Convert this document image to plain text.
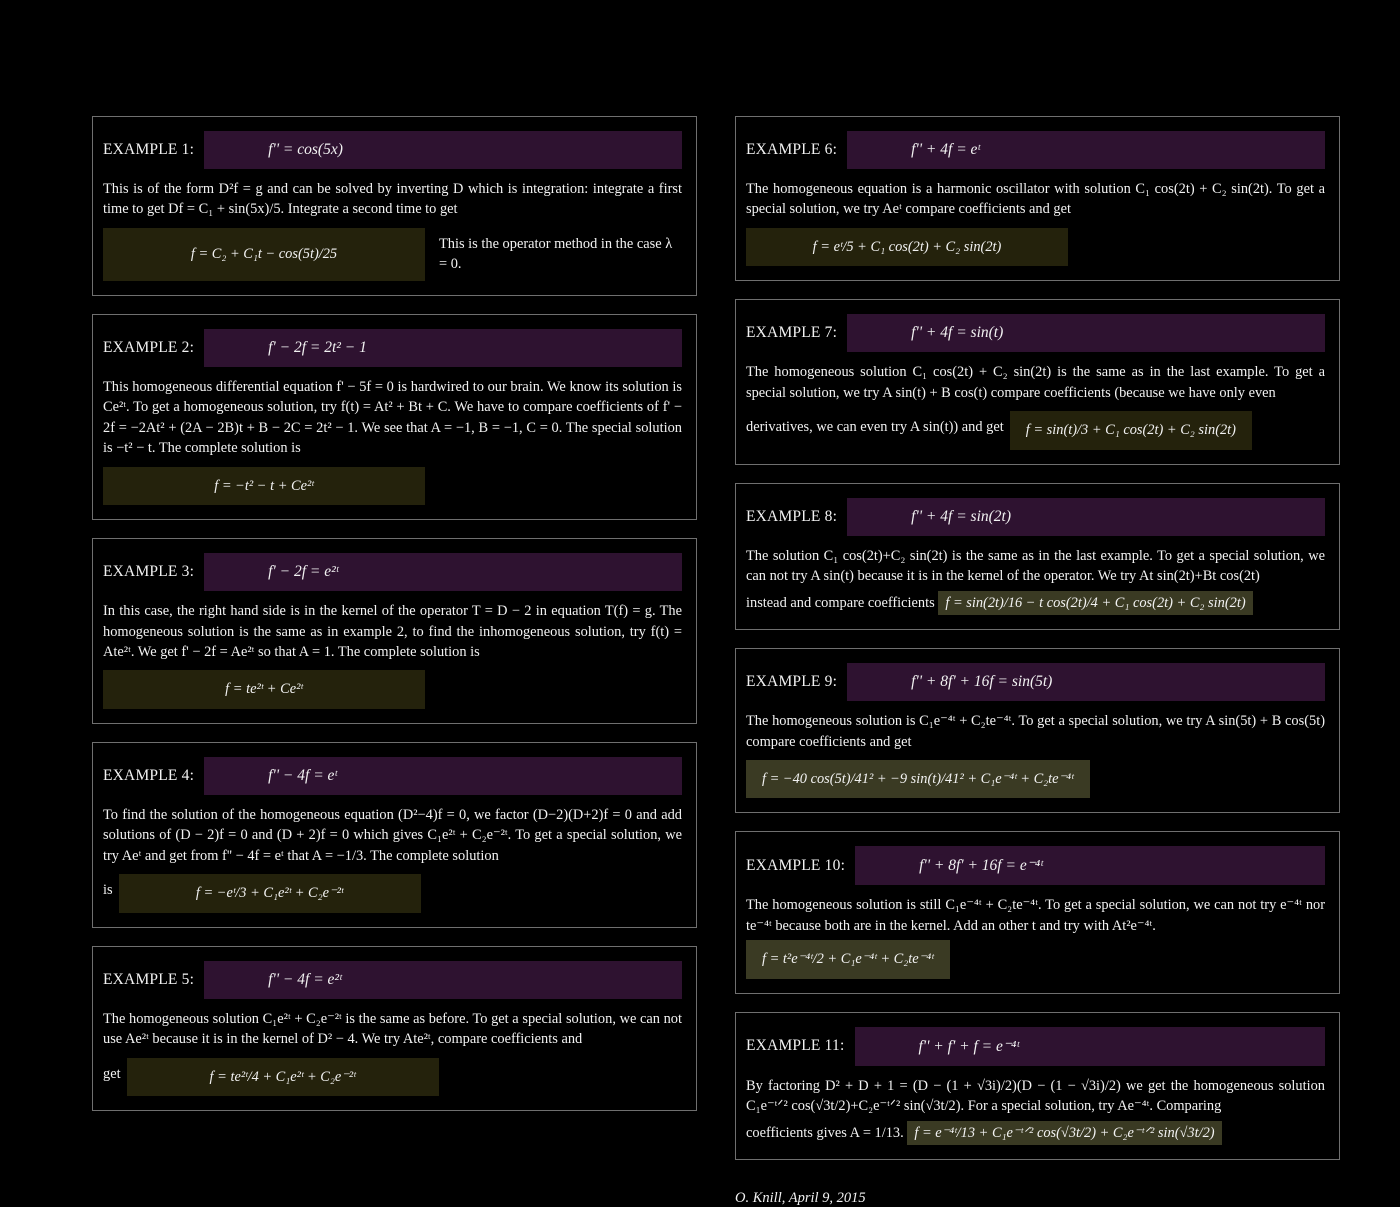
EXAMPLE 1:	f'' = cos(5x)
This is of the form D²f = g and can be solved by inverting D which is integration: integrate a first time to get Df = C₁ + sin(5x)/5. Integrate a second time to get
f = C₂ + C₁t − cos(5t)/25
This is the operator method in the case λ = 0.
EXAMPLE 2:	f' − 2f = 2t² − 1
This homogeneous differential equation f' − 5f = 0 is hardwired to our brain. We know its solution is Ce²ᵗ. To get a homogeneous solution, try f(t) = At² + Bt + C. We have to compare coefficients of f' − 2f = −2At² + (2A − 2B)t + B − 2C = 2t² − 1. We see that A = −1, B = −1, C = 0. The special solution is −t² − t. The complete solution is
f = −t² − t + Ce²ᵗ
EXAMPLE 3:	f' − 2f = e²ᵗ
In this case, the right hand side is in the kernel of the operator T = D − 2 in equation T(f) = g. The homogeneous solution is the same as in example 2, to find the inhomogeneous solution, try f(t) = Ate²ᵗ. We get f' − 2f = Ae²ᵗ so that A = 1. The complete solution is
f = te²ᵗ + Ce²ᵗ
EXAMPLE 4:	f'' − 4f = eᵗ
To find the solution of the homogeneous equation (D²−4)f = 0, we factor (D−2)(D+2)f = 0 and add solutions of (D − 2)f = 0 and (D + 2)f = 0 which gives C₁e²ᵗ + C₂e⁻²ᵗ. To get a special solution, we try Aeᵗ and get from f'' − 4f = eᵗ that A = −1/3. The complete solution
is	f = −eᵗ/3 + C₁e²ᵗ + C₂e⁻²ᵗ
EXAMPLE 5:	f'' − 4f = e²ᵗ
The homogeneous solution C₁e²ᵗ + C₂e⁻²ᵗ is the same as before. To get a special solution, we can not use Ae²ᵗ because it is in the kernel of D² − 4. We try Ate²ᵗ, compare coefficients and
get	f = te²ᵗ/4 + C₁e²ᵗ + C₂e⁻²ᵗ
EXAMPLE 6:	f'' + 4f = eᵗ
The homogeneous equation is a harmonic oscillator with solution C₁ cos(2t) + C₂ sin(2t). To get a special solution, we try Aeᵗ compare coefficients and get
f = eᵗ/5 + C₁ cos(2t) + C₂ sin(2t)
EXAMPLE 7:	f'' + 4f = sin(t)
The homogeneous solution C₁ cos(2t) + C₂ sin(2t) is the same as in the last example. To get a special solution, we try A sin(t) + B cos(t) compare coefficients (because we have only even
derivatives, we can even try A sin(t)) and get	f = sin(t)/3 + C₁ cos(2t) + C₂ sin(2t)
EXAMPLE 8:	f'' + 4f = sin(2t)
The solution C₁ cos(2t)+C₂ sin(2t) is the same as in the last example. To get a special solution, we can not try A sin(t) because it is in the kernel of the operator. We try At sin(2t)+Bt cos(2t)
instead and compare coefficients f = sin(2t)/16 − t cos(2t)/4 + C₁ cos(2t) + C₂ sin(2t)
EXAMPLE 9:	f'' + 8f' + 16f = sin(5t)
The homogeneous solution is C₁e⁻⁴ᵗ + C₂te⁻⁴ᵗ. To get a special solution, we try A sin(5t) + B cos(5t) compare coefficients and get
f = −40 cos(5t)/41² + −9 sin(t)/41² + C₁e⁻⁴ᵗ + C₂te⁻⁴ᵗ
EXAMPLE 10:	f'' + 8f' + 16f = e⁻⁴ᵗ
The homogeneous solution is still C₁e⁻⁴ᵗ + C₂te⁻⁴ᵗ. To get a special solution, we can not try e⁻⁴ᵗ nor te⁻⁴ᵗ because both are in the kernel. Add an other t and try with At²e⁻⁴ᵗ.
f = t²e⁻⁴ᵗ/2 + C₁e⁻⁴ᵗ + C₂te⁻⁴ᵗ
EXAMPLE 11:	f'' + f' + f = e⁻⁴ᵗ
By factoring D² + D + 1 = (D − (1 + √3i)/2)(D − (1 − √3i)/2) we get the homogeneous solution C₁e⁻ᵗᐟ² cos(√3t/2)+C₂e⁻ᵗᐟ² sin(√3t/2). For a special solution, try Ae⁻⁴ᵗ. Comparing
coefficients gives A = 1/13. f = e⁻⁴ᵗ/13 + C₁e⁻ᵗᐟ² cos(√3t/2) + C₂e⁻ᵗᐟ² sin(√3t/2)
O. Knill, April 9, 2015
